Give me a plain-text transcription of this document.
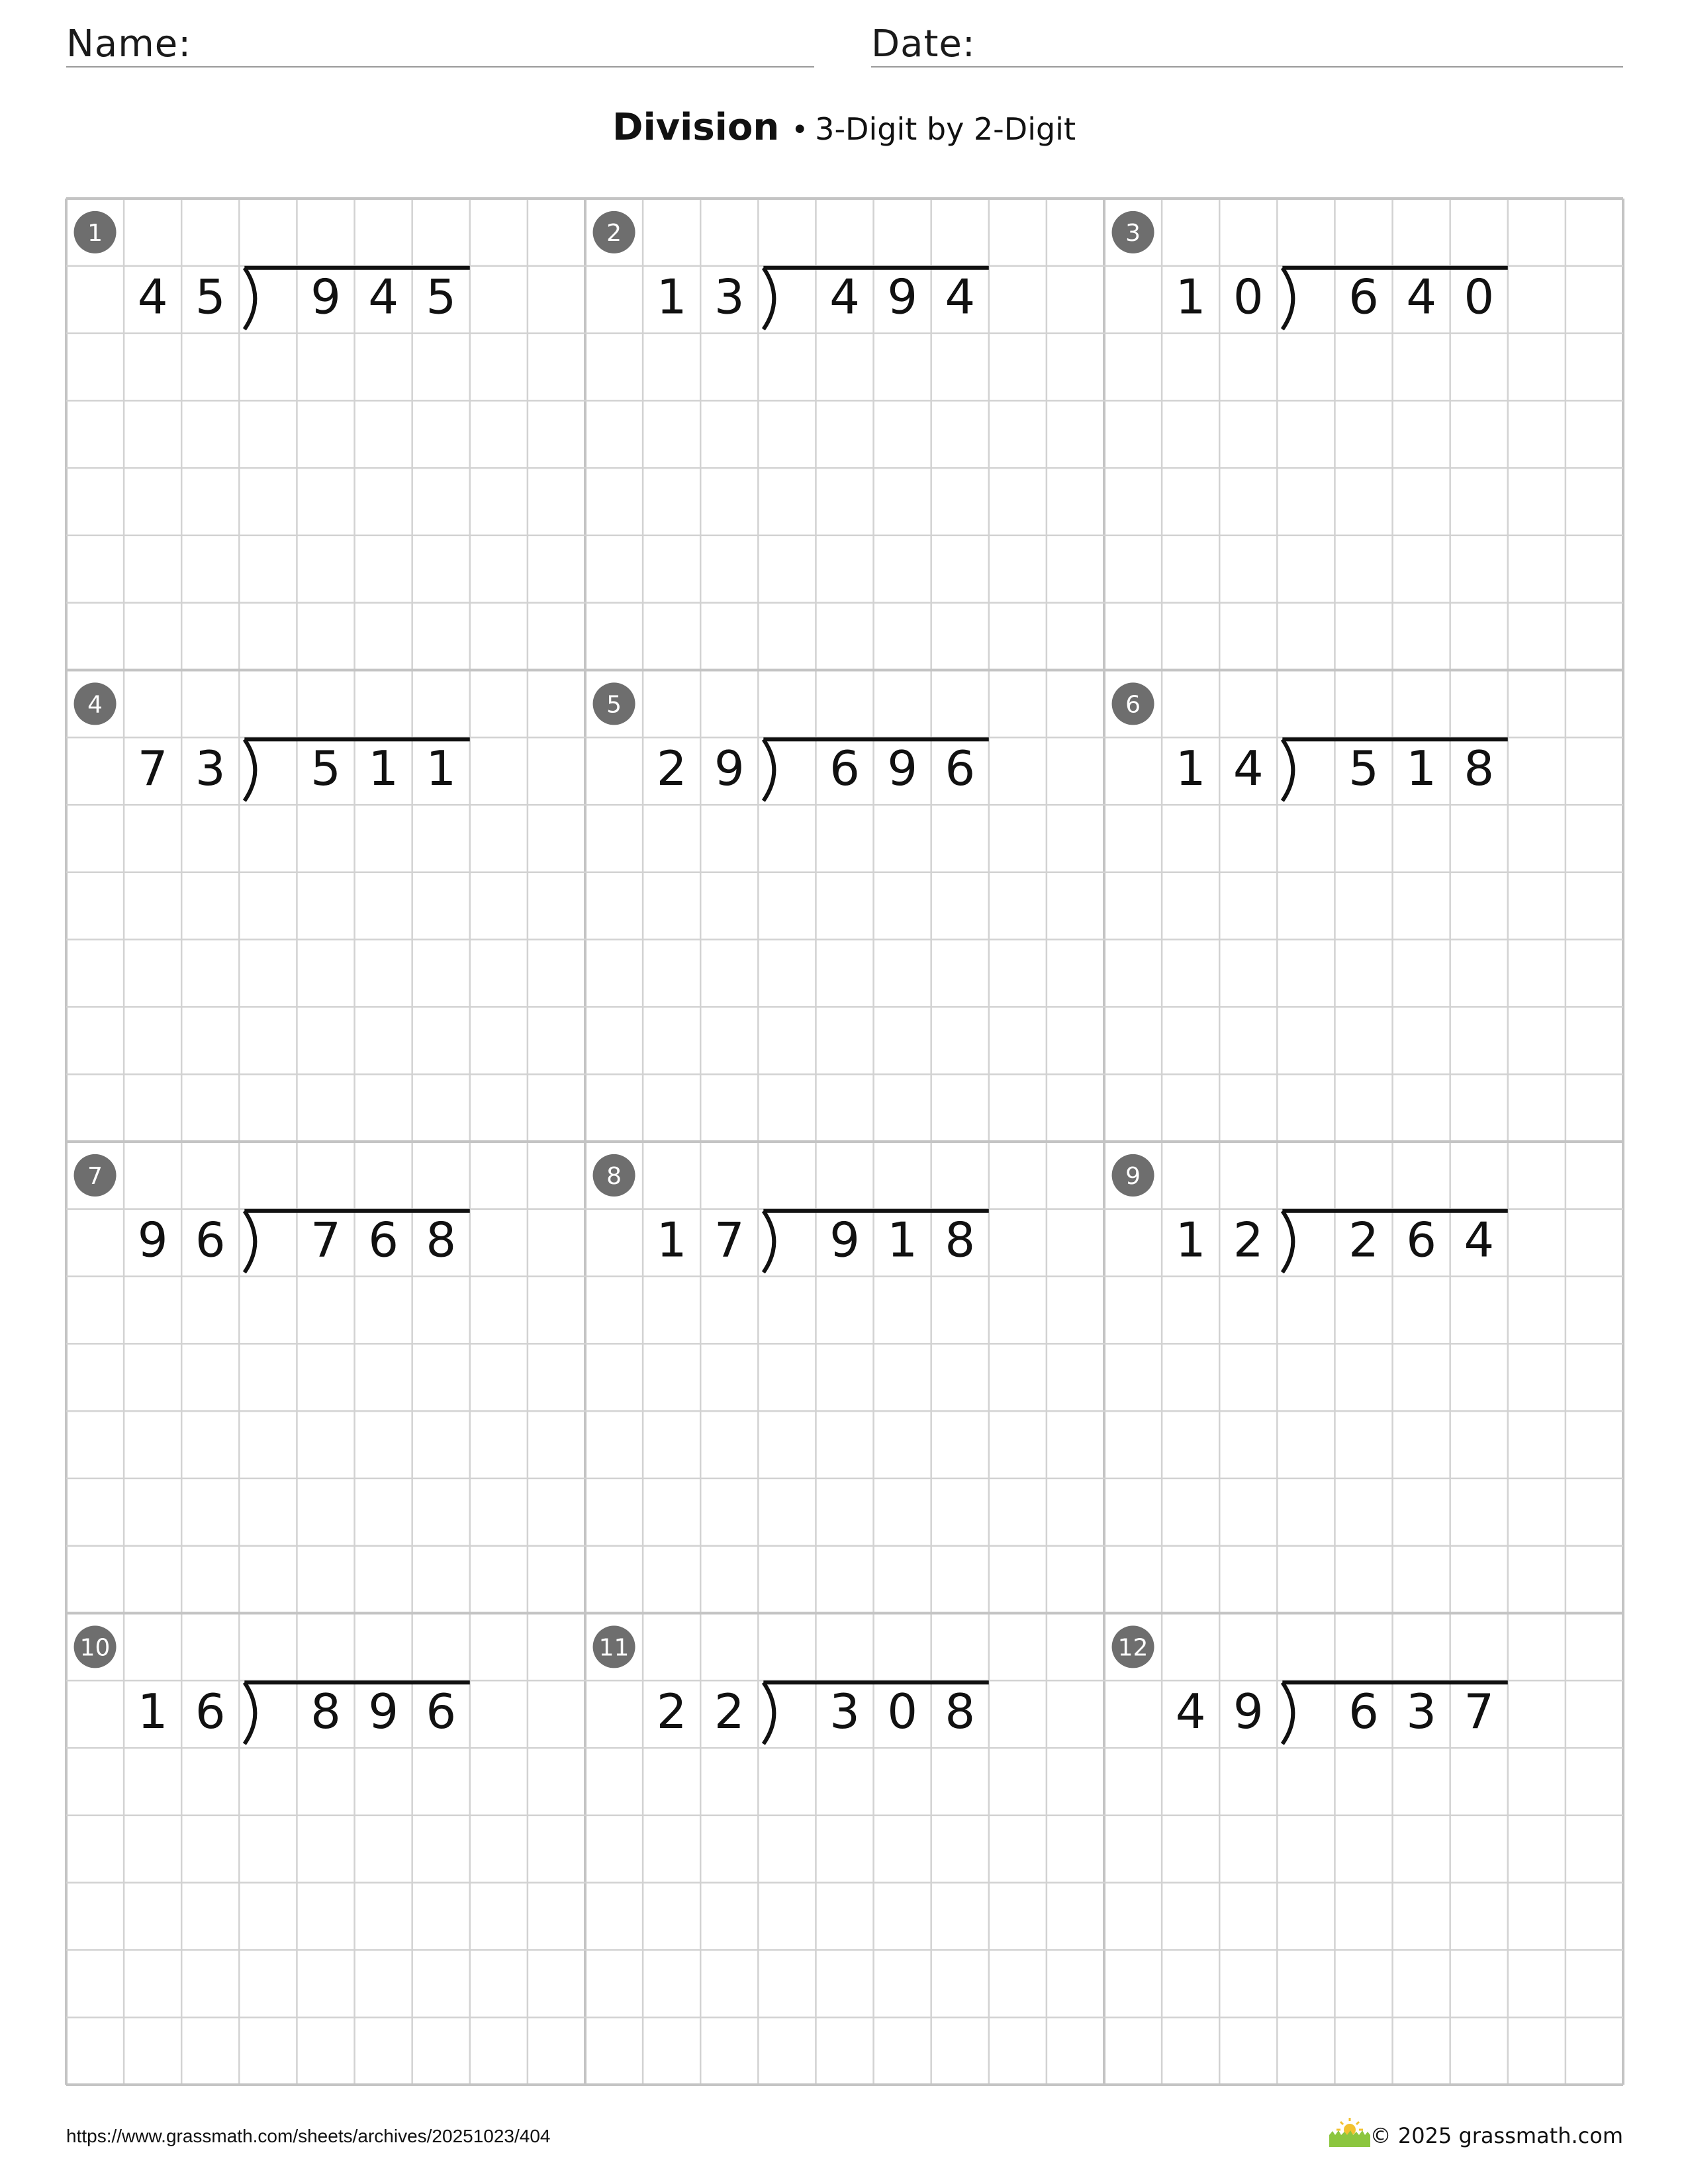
Name:	Date:
Division • 3-Digit by 2-Digit
1
4 5 9 4 5
2
1 3 4 9 4
3
1 0 6 4 0
4
7 3 5 1 1
5
2 9 6 9 6
6
1 4 5 1 8
7
9 6 7 6 8
8
1 7 9 1 8
9
1 2 2 6 4
10
1 6 8 9 6
11
2 2 3 0 8
12
4 9 6 3 7
https://www.grassmath.com/sheets/archives/20251023/404	© 2025 grassmath.com
